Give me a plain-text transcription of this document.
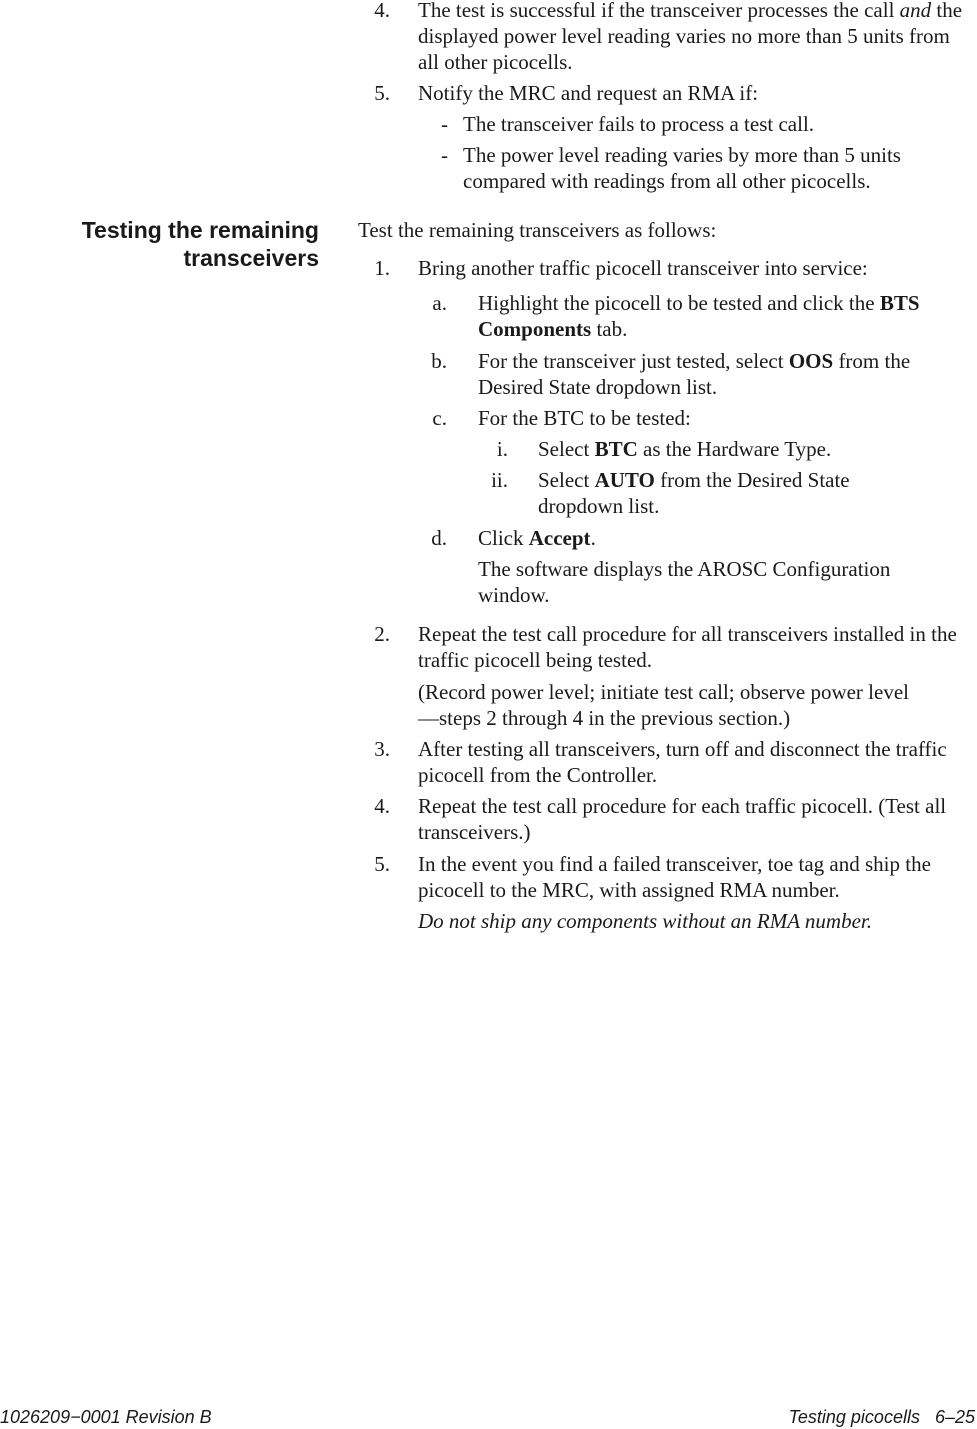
4. The test is successful if the transceiver processes the call and the displayed power level reading varies no more than 5 units from all other picocells.
5. Notify the MRC and request an RMA if:
- The transceiver fails to process a test call.
- The power level reading varies by more than 5 units compared with readings from all other picocells.
Testing the remaining
transceivers
Test the remaining transceivers as follows:
1. Bring another traffic picocell transceiver into service:
a. Highlight the picocell to be tested and click the BTS Components tab.
b. For the transceiver just tested, select OOS from the Desired State dropdown list.
c. For the BTC to be tested:
i. Select BTC as the Hardware Type.
ii. Select AUTO from the Desired State dropdown list.
d. Click Accept.
The software displays the AROSC Configuration window.
2. Repeat the test call procedure for all transceivers installed in the traffic picocell being tested.
(Record power level; initiate test call; observe power level—steps 2 through 4 in the previous section.)
3. After testing all transceivers, turn off and disconnect the traffic picocell from the Controller.
4. Repeat the test call procedure for each traffic picocell. (Test all transceivers.)
5. In the event you find a failed transceiver, toe tag and ship the picocell to the MRC, with assigned RMA number.
Do not ship any components without an RMA number.
1026209−0001 Revision B	Testing picocells   6–25
